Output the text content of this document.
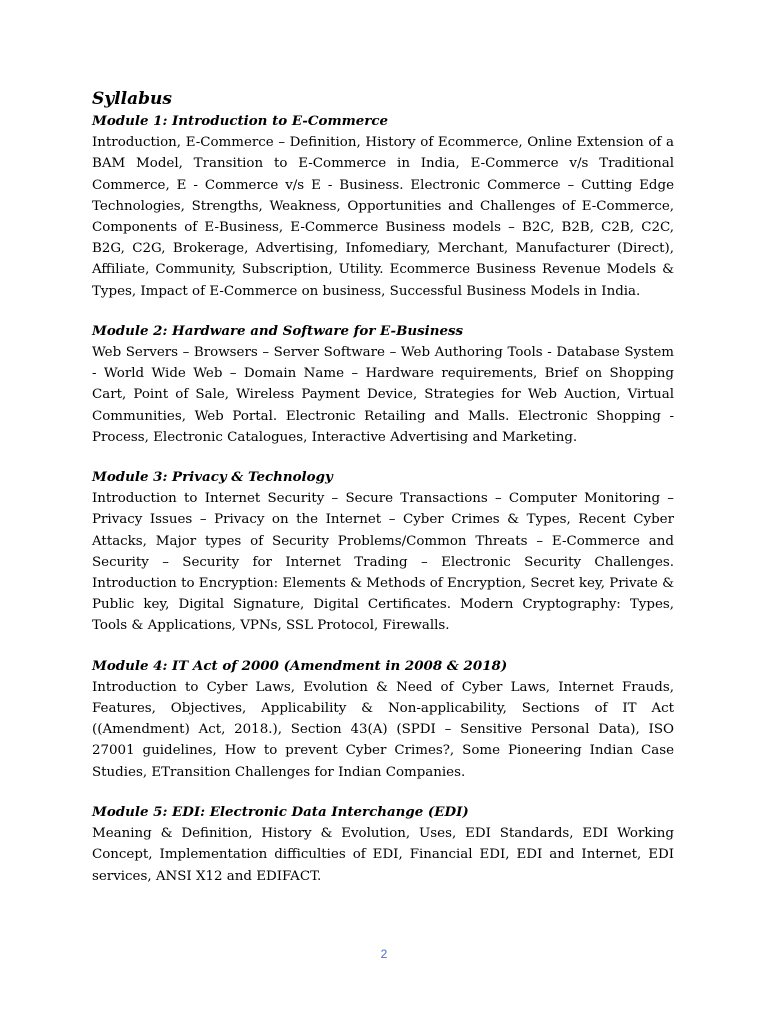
Syllabus
Module 1: Introduction to E-Commerce

Introduction, E-Commerce – Definition, History of Ecommerce, Online Extension of a BAM Model, Transition to E-Commerce in India, E-Commerce v/s Traditional Commerce, E - Commerce v/s E - Business. Electronic Commerce – Cutting Edge Technologies, Strengths, Weakness, Opportunities and Challenges of E-Commerce, Components of E-Business, E-Commerce Business models – B2C, B2B, C2B, C2C, B2G, C2G, Brokerage, Advertising, Infomediary, Merchant, Manufacturer (Direct), Affiliate, Community, Subscription, Utility. Ecommerce Business Revenue Models & Types, Impact of E-Commerce on business, Successful Business Models in India.

Module 2: Hardware and Software for E-Business

Web Servers – Browsers – Server Software – Web Authoring Tools - Database System - World Wide Web – Domain Name – Hardware requirements, Brief on Shopping Cart, Point of Sale, Wireless Payment Device, Strategies for Web Auction, Virtual Communities, Web Portal. Electronic Retailing and Malls. Electronic Shopping - Process, Electronic Catalogues, Interactive Advertising and Marketing.

Module 3: Privacy & Technology

Introduction to Internet Security – Secure Transactions – Computer Monitoring – Privacy Issues – Privacy on the Internet – Cyber Crimes & Types, Recent Cyber Attacks, Major types of Security Problems/Common Threats – E-Commerce and Security – Security for Internet Trading – Electronic Security Challenges. Introduction to Encryption: Elements & Methods of Encryption, Secret key, Private & Public key, Digital Signature, Digital Certificates. Modern Cryptography: Types, Tools & Applications, VPNs, SSL Protocol, Firewalls.

Module 4: IT Act of 2000 (Amendment in 2008 & 2018)

Introduction to Cyber Laws, Evolution & Need of Cyber Laws, Internet Frauds, Features, Objectives, Applicability & Non-applicability, Sections of IT Act ((Amendment) Act, 2018.), Section 43(A) (SPDI – Sensitive Personal Data), ISO 27001 guidelines, How to prevent Cyber Crimes?, Some Pioneering Indian Case Studies, ETransition Challenges for Indian Companies.

Module 5: EDI: Electronic Data Interchange (EDI)

Meaning & Definition, History & Evolution, Uses, EDI Standards, EDI Working Concept, Implementation difficulties of EDI, Financial EDI, EDI and Internet, EDI services, ANSI X12 and EDIFACT.

2
